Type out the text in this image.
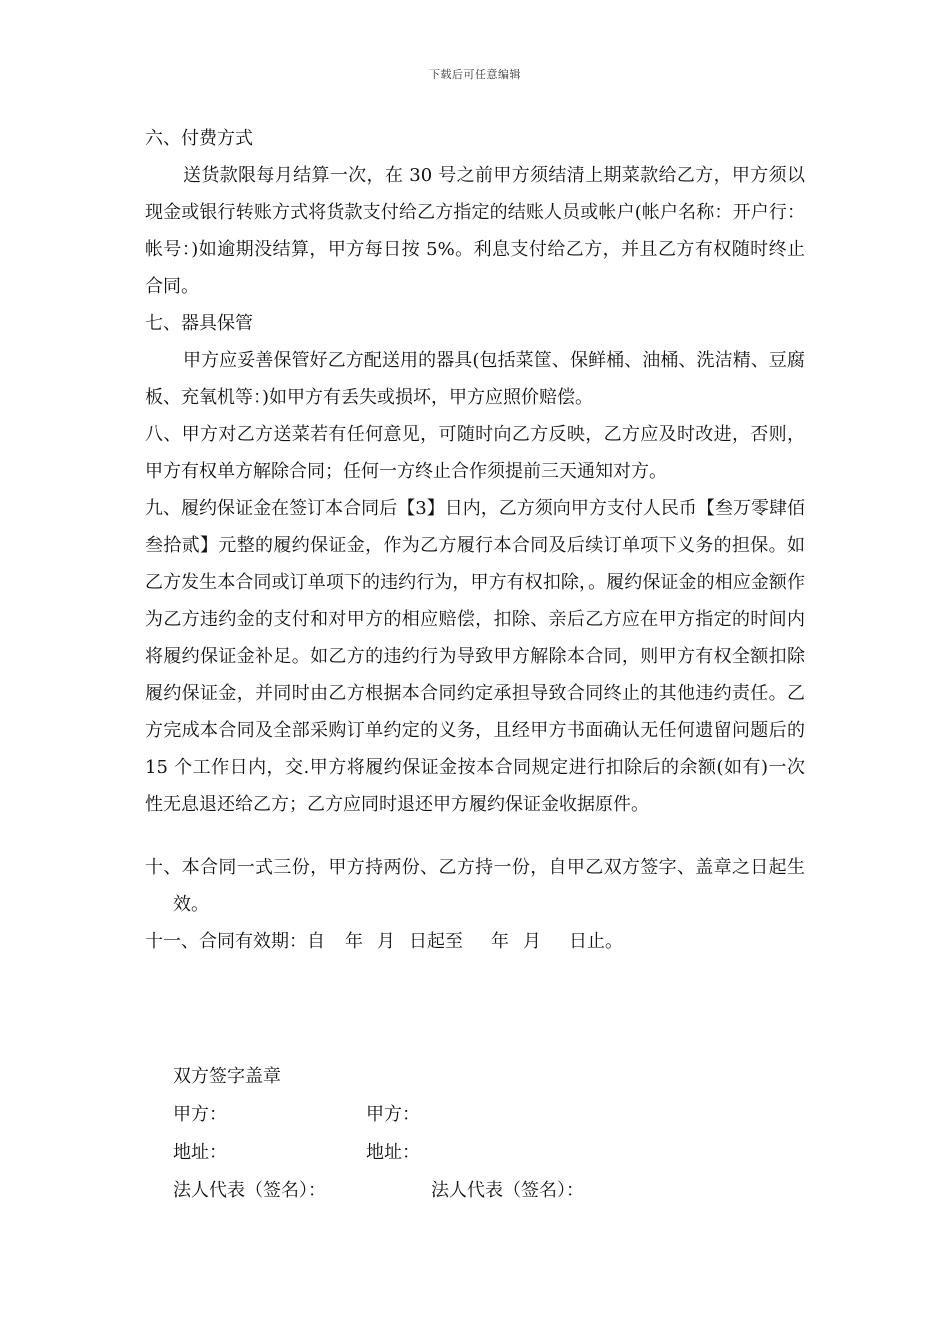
下载后可任意编辑

六、付费方式

送货款限每月结算一次，在 30 号之前甲方须结清上期菜款给乙方，甲方须以现金或银行转账方式将货款支付给乙方指定的结账人员或帐户(帐户名称：开户行：帐号：)如逾期没结算，甲方每日按 5%。利息支付给乙方，并且乙方有权随时终止合同。

七、器具保管

甲方应妥善保管好乙方配送用的器具(包括菜筐、保鲜桶、油桶、洗洁精、豆腐板、充氧机等：)如甲方有丢失或损坏，甲方应照价赔偿。

八、甲方对乙方送菜若有任何意见，可随时向乙方反映，乙方应及时改进，否则，甲方有权单方解除合同；任何一方终止合作须提前三天通知对方。

九、履约保证金在签订本合同后【3】日内，乙方须向甲方支付人民币【叁万零肆佰叁拾贰】元整的履约保证金，作为乙方履行本合同及后续订单项下义务的担保。如乙方发生本合同或订单项下的违约行为，甲方有权扣除，。履约保证金的相应金额作为乙方违约金的支付和对甲方的相应赔偿，扣除、亲后乙方应在甲方指定的时间内将履约保证金补足。如乙方的违约行为导致甲方解除本合同，则甲方有权全额扣除履约保证金，并同时由乙方根据本合同约定承担导致合同终止的其他违约责任。乙方完成本合同及全部采购订单约定的义务，且经甲方书面确认无任何遗留问题后的 15 个工作日内，交.甲方将履约保证金按本合同规定进行扣除后的余额(如有)一次性无息退还给乙方；乙方应同时退还甲方履约保证金收据原件。

十、本合同一式三份，甲方持两份、乙方持一份，自甲乙双方签字、盖章之日起生效。

十一、合同有效期：自 年 月 日起至 年 月 日止。

双方签字盖章
甲方：	甲方：
地址：	地址：
法人代表（签名）：	法人代表（签名）：
